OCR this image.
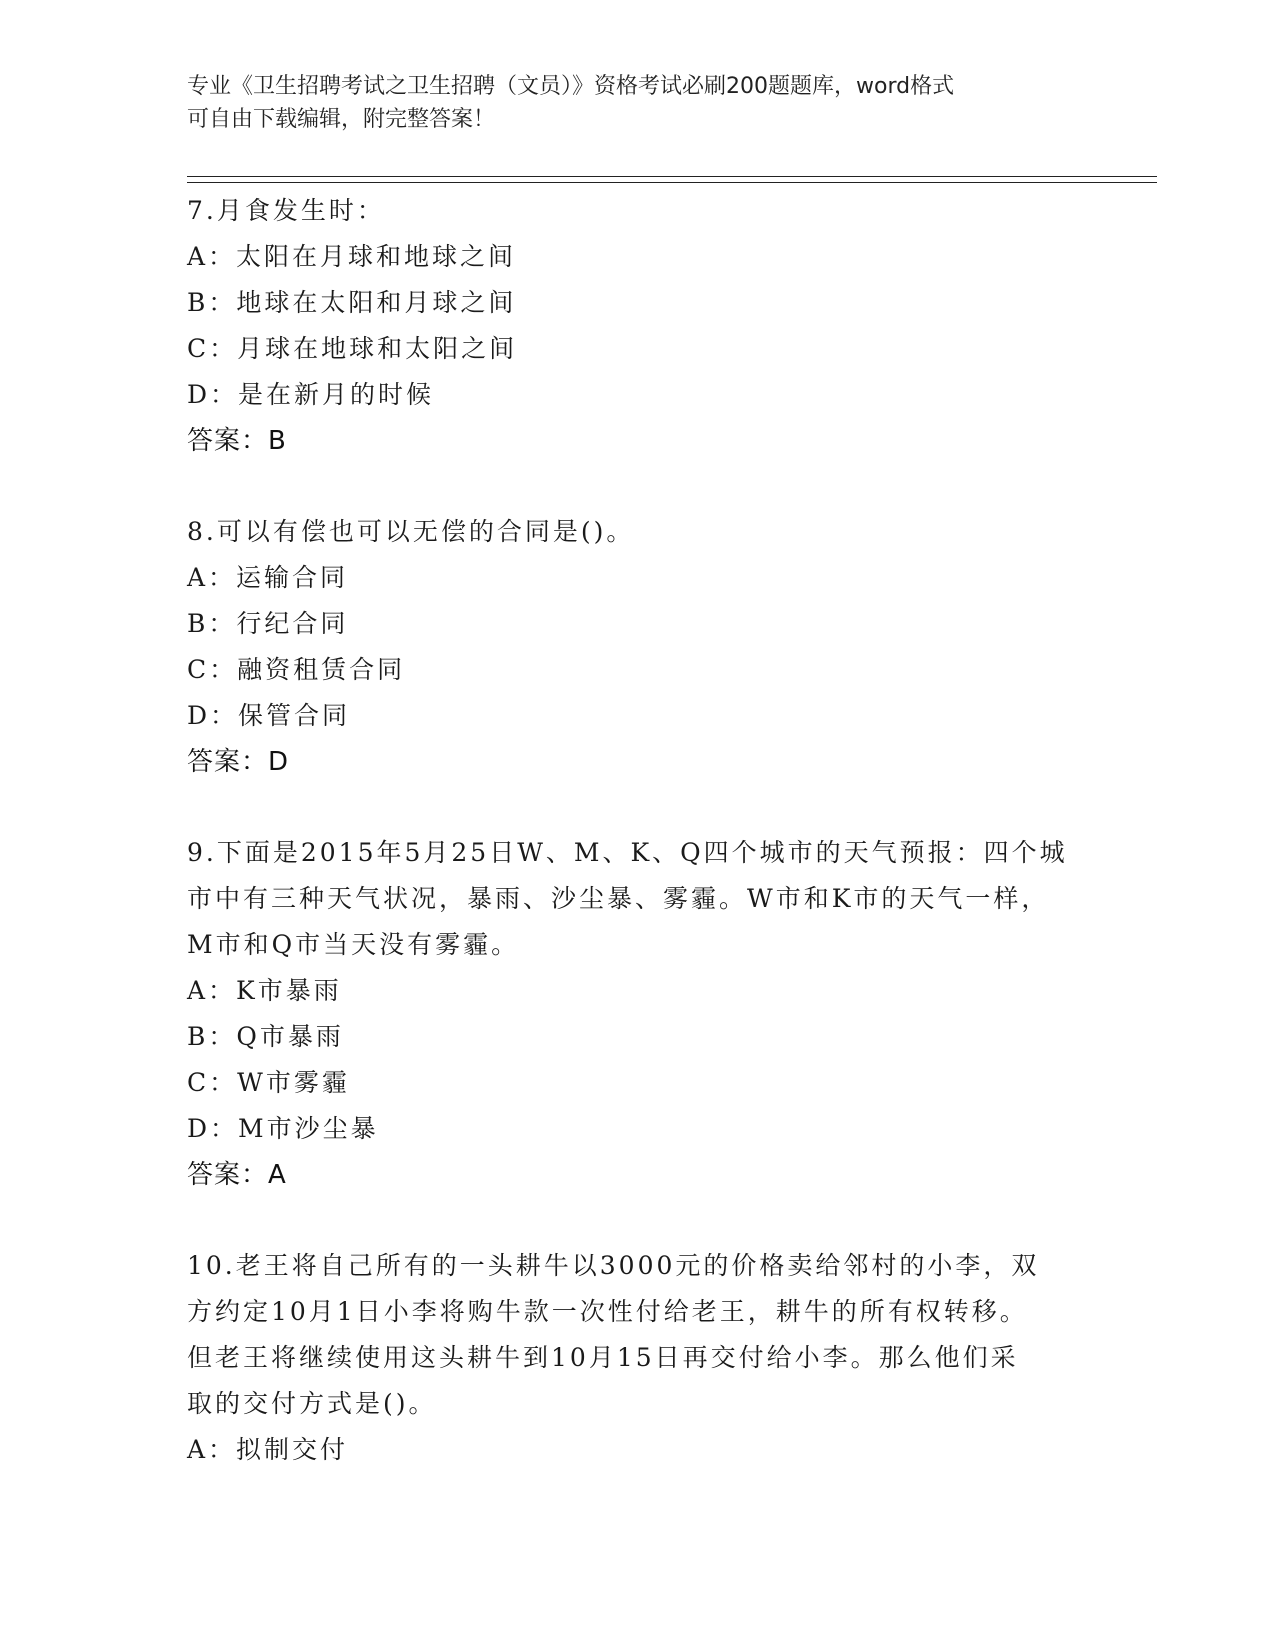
专业《卫生招聘考试之卫生招聘（文员）》资格考试必刷200题题库，word格式
可自由下载编辑，附完整答案！
7.月食发生时：
A：太阳在月球和地球之间
B：地球在太阳和月球之间
C：月球在地球和太阳之间
D：是在新月的时候
答案：B
8.可以有偿也可以无偿的合同是()。
A：运输合同
B：行纪合同
C：融资租赁合同
D：保管合同
答案：D
9.下面是2015年5月25日W、M、K、Q四个城市的天气预报：四个城
市中有三种天气状况，暴雨、沙尘暴、雾霾。W市和K市的天气一样，
M市和Q市当天没有雾霾。
A：K市暴雨
B：Q市暴雨
C：W市雾霾
D：M市沙尘暴
答案：A
10.老王将自己所有的一头耕牛以3000元的价格卖给邻村的小李，双
方约定10月1日小李将购牛款一次性付给老王，耕牛的所有权转移。
但老王将继续使用这头耕牛到10月15日再交付给小李。那么他们采
取的交付方式是()。
A：拟制交付
